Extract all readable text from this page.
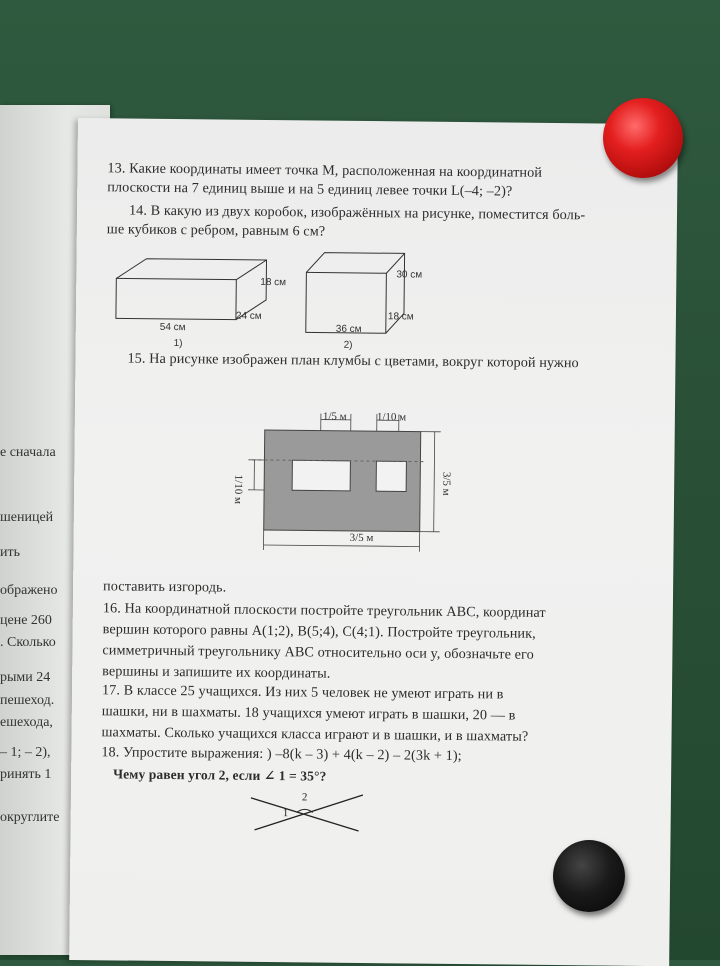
е сначала
шеницей
ить
ображено
цене 260
. Сколько
рыми 24
пешеход.
ешехода,
– 1; – 2),
ринять 1
округлите
13. Какие координаты имеет точка M, расположенная на координатной
плоскости на 7 единиц выше и на 5 единиц левее точки L(–4; –2)?
14. В какую из двух коробок, изображённых на рисунке, поместится боль-
ше кубиков с ребром, равным 6 см?
18 см
24 см
54 см
1)
30 см
18 см
36 см
2)
15. На рисунке изображен план клумбы с цветами, вокруг которой нужно
1/5 м	1/10 м
1/10 м	3/5 м
3/5 м
поставить изгородь.
16. На координатной плоскости постройте треугольник ABC, координат
вершин которого равны A(1;2), B(5;4), C(4;1). Постройте треугольник,
симметричный треугольнику ABC относительно оси y, обозначьте его
вершины и запишите их координаты.
17. В классе 25 учащихся. Из них 5 человек не умеют играть ни в
шашки, ни в шахматы. 18 учащихся умеют играть в шашки, 20 — в
шахматы. Сколько учащихся класса играют и в шашки, и в шахматы?
18. Упростите выражения: ) –8(k – 3) + 4(k – 2) – 2(3k + 1);
Чему равен угол 2, если ∠ 1 = 35°?
1
2
